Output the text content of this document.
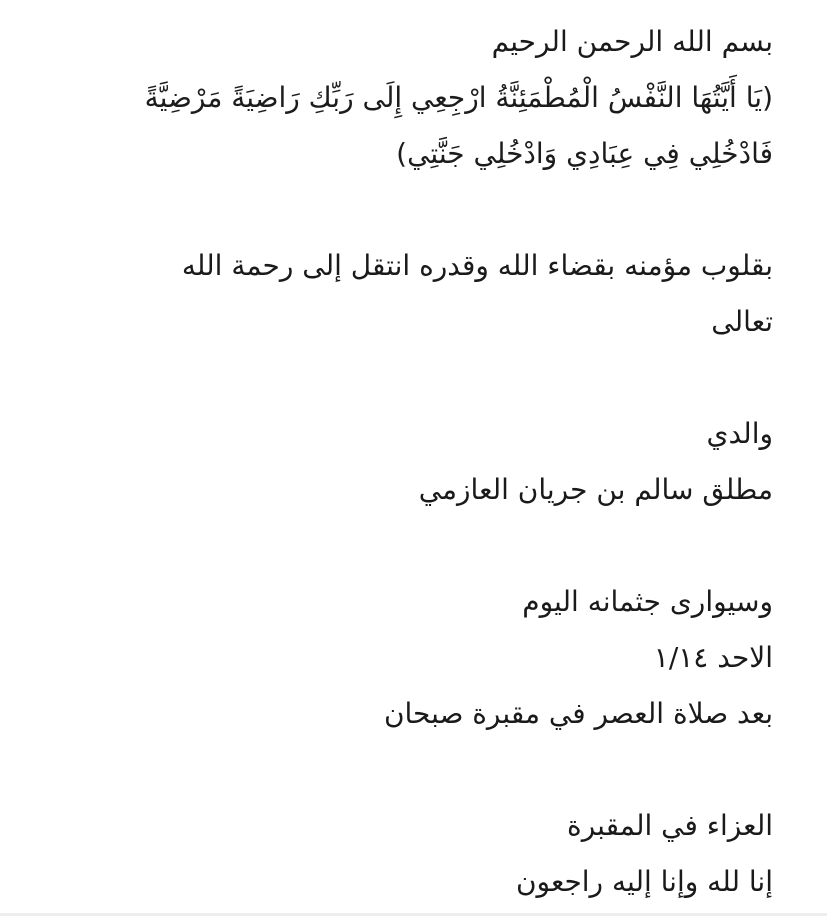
بسم الله الرحمن الرحيم
(يَا أَيَّتُهَا النَّفْسُ الْمُطْمَئِنَّةُ ارْجِعِي إِلَى رَبِّكِ رَاضِيَةً مَرْضِيَّةً
فَادْخُلِي فِي عِبَادِي وَادْخُلِي جَنَّتِي)
بقلوب مؤمنه بقضاء الله وقدره انتقل إلى رحمة الله
تعالى
والدي
مطلق سالم بن جريان العازمي
وسيوارى جثمانه اليوم
الاحد ١/١٤
بعد صلاة العصر في مقبرة صبحان
العزاء في المقبرة
إنا لله وإنا إليه راجعون
